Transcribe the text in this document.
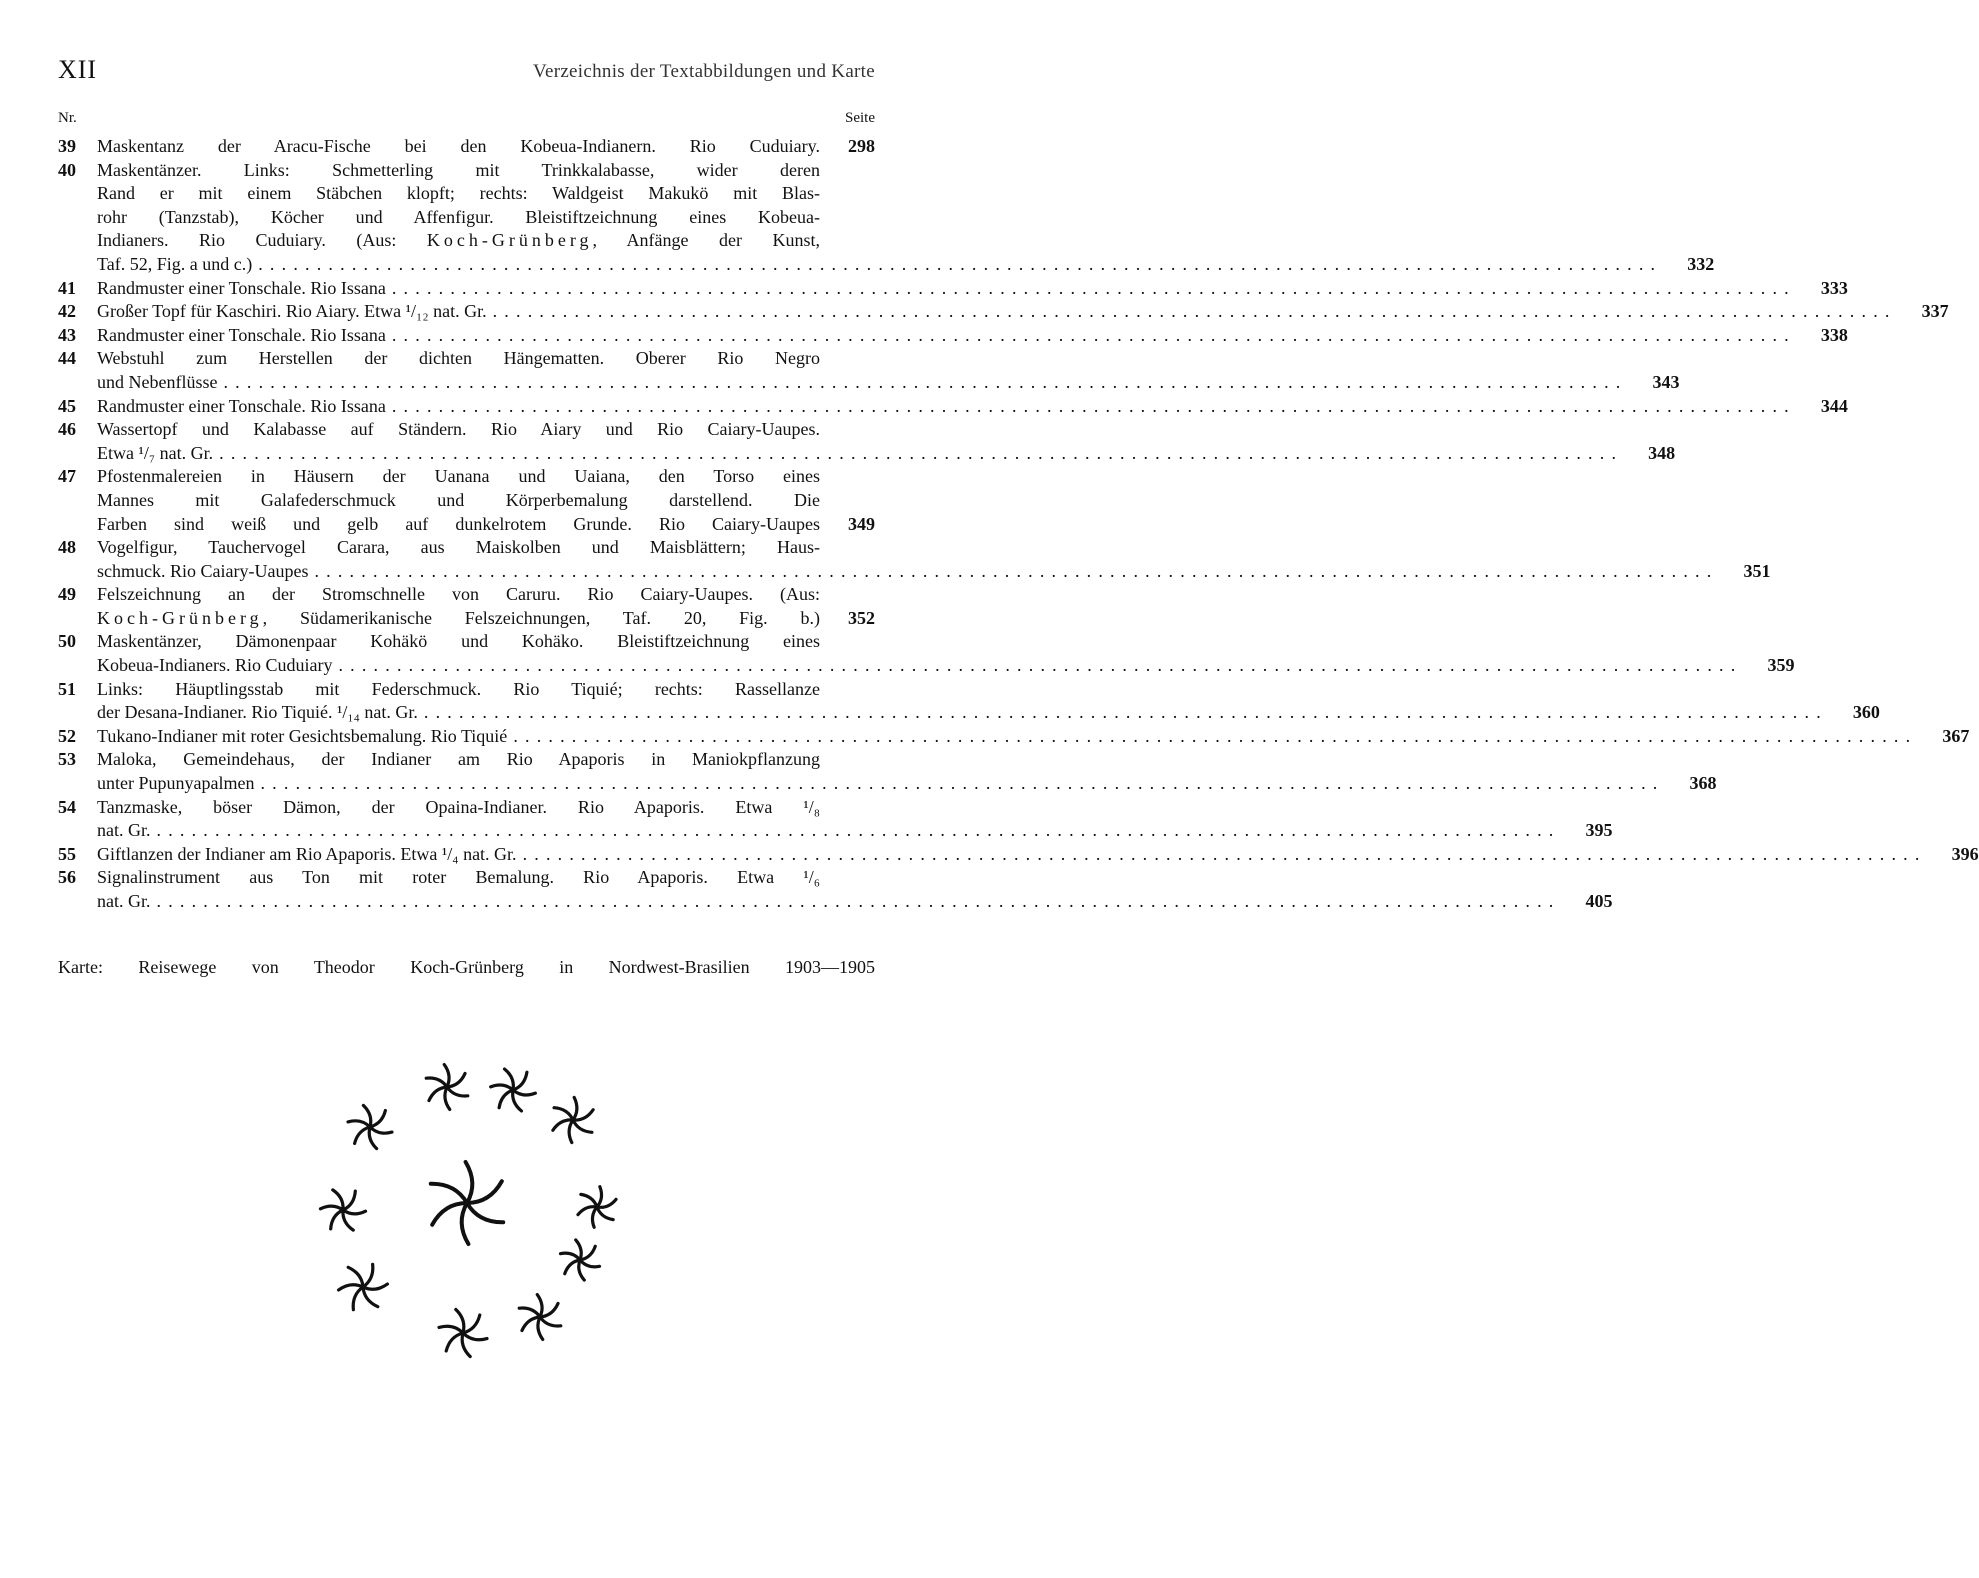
XII	Verzeichnis der Textabbildungen und Karte
Nr.	Seite
39	Maskentanz der Aracu-Fische bei den Kobeua-Indianern. Rio Cuduiary.	298
40	Maskentänzer. Links: Schmetterling mit Trinkkalabasse, wider deren
Rand er mit einem Stäbchen klopft; rechts: Waldgeist Makukö mit Blas-
rohr (Tanzstab), Köcher und Affenfigur. Bleistiftzeichnung eines Kobeua-
Indianers. Rio Cuduiary. (Aus: Koch-Grünberg, Anfänge der Kunst,
Taf. 52, Fig. a und c.) ........................................................................................................................	332
41	Randmuster einer Tonschale. Rio Issana ........................................................................................................................	333
42	Großer Topf für Kaschiri. Rio Aiary. Etwa ¹/₁₂ nat. Gr. ........................................................................................................................	337
43	Randmuster einer Tonschale. Rio Issana ........................................................................................................................	338
44	Webstuhl zum Herstellen der dichten Hängematten. Oberer Rio Negro
und Nebenflüsse ........................................................................................................................	343
45	Randmuster einer Tonschale. Rio Issana ........................................................................................................................	344
46	Wassertopf und Kalabasse auf Ständern. Rio Aiary und Rio Caiary-Uaupes.
Etwa ¹/₇ nat. Gr. ........................................................................................................................	348
47	Pfostenmalereien in Häusern der Uanana und Uaiana, den Torso eines
Mannes mit Galafederschmuck und Körperbemalung darstellend. Die
Farben sind weiß und gelb auf dunkelrotem Grunde. Rio Caiary-Uaupes	349
48	Vogelfigur, Tauchervogel Carara, aus Maiskolben und Maisblättern; Haus-
schmuck. Rio Caiary-Uaupes ........................................................................................................................	351
49	Felszeichnung an der Stromschnelle von Caruru. Rio Caiary-Uaupes. (Aus:
Koch-Grünberg, Südamerikanische Felszeichnungen, Taf. 20, Fig. b.)	352
50	Maskentänzer, Dämonenpaar Kohäkö und Kohäko. Bleistiftzeichnung eines
Kobeua-Indianers. Rio Cuduiary ........................................................................................................................	359
51	Links: Häuptlingsstab mit Federschmuck. Rio Tiquié; rechts: Rassellanze
der Desana-Indianer. Rio Tiquié. ¹/₁₄ nat. Gr. ........................................................................................................................	360
52	Tukano-Indianer mit roter Gesichtsbemalung. Rio Tiquié ........................................................................................................................	367
53	Maloka, Gemeindehaus, der Indianer am Rio Apaporis in Maniokpflanzung
unter Pupunyapalmen ........................................................................................................................	368
54	Tanzmaske, böser Dämon, der Opaina-Indianer. Rio Apaporis. Etwa ¹/₈
nat. Gr. ........................................................................................................................	395
55	Giftlanzen der Indianer am Rio Apaporis. Etwa ¹/₄ nat. Gr. ........................................................................................................................	396
56	Signalinstrument aus Ton mit roter Bemalung. Rio Apaporis. Etwa ¹/₆
nat. Gr. ........................................................................................................................	405
Karte: Reisewege von Theodor Koch-Grünberg in Nordwest-Brasilien 1903—1905
